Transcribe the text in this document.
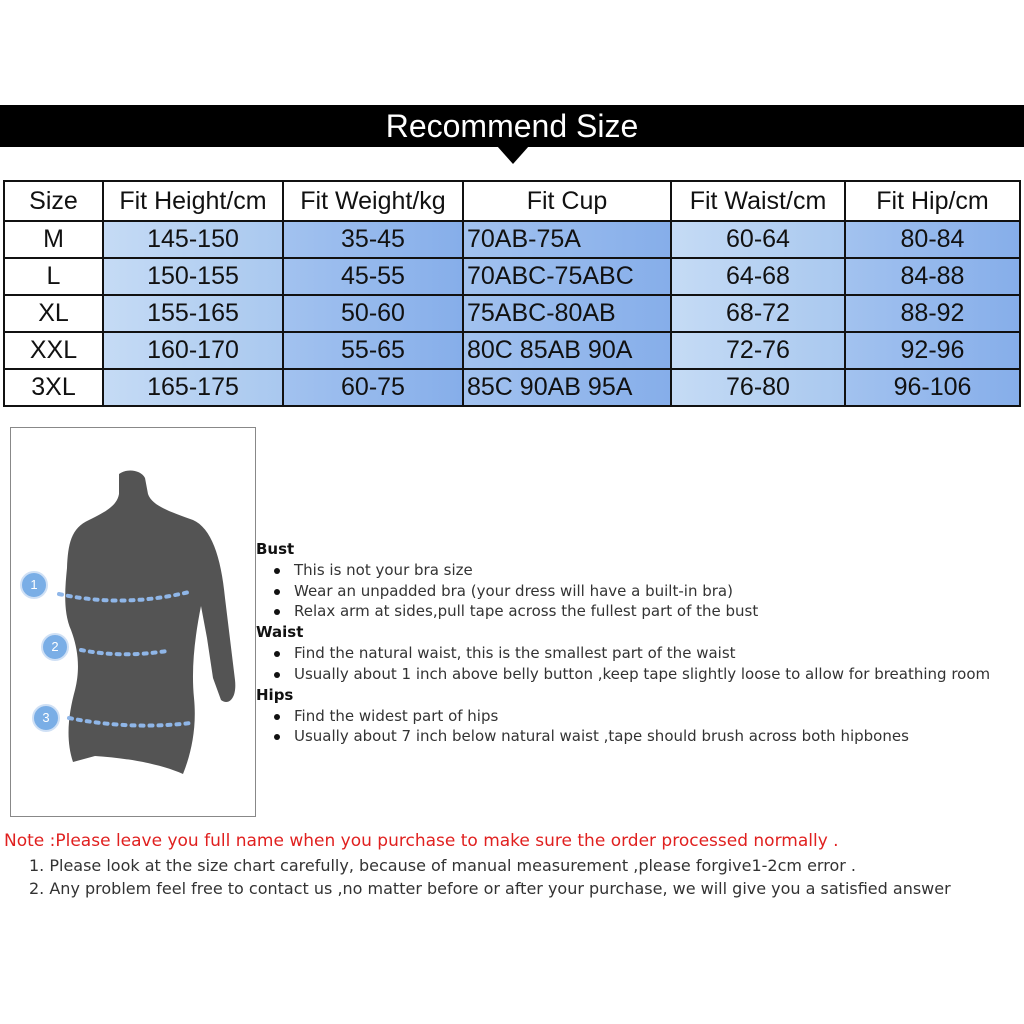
Recommend Size
Size	Fit Height/cm	Fit Weight/kg	Fit Cup	Fit Waist/cm	Fit Hip/cm
M	145-150	35-45	70AB-75A	60-64	80-84
L	150-155	45-55	70ABC-75ABC	64-68	84-88
XL	155-165	50-60	75ABC-80AB	68-72	88-92
XXL	160-170	55-65	80C 85AB 90A	72-76	92-96
3XL	165-175	60-75	85C 90AB 95A	76-80	96-106
1
2
3
Bust
This is not your bra size
Wear an unpadded bra (your dress will have a built-in bra)
Relax arm at sides,pull tape across the fullest part of the bust
Waist
Find the natural waist, this is the smallest part of the waist
Usually about 1 inch above belly button ,keep tape slightly loose to allow for breathing room
Hips
Find the widest part of hips
Usually about 7 inch below natural waist ,tape should brush across both hipbones
Note :Please leave you full name when you purchase to make sure the order processed normally .
1. Please look at the size chart carefully, because of manual measurement ,please forgive1-2cm error .
2. Any problem feel free to contact us ,no matter before or after your purchase, we will give you a satisfied answer
